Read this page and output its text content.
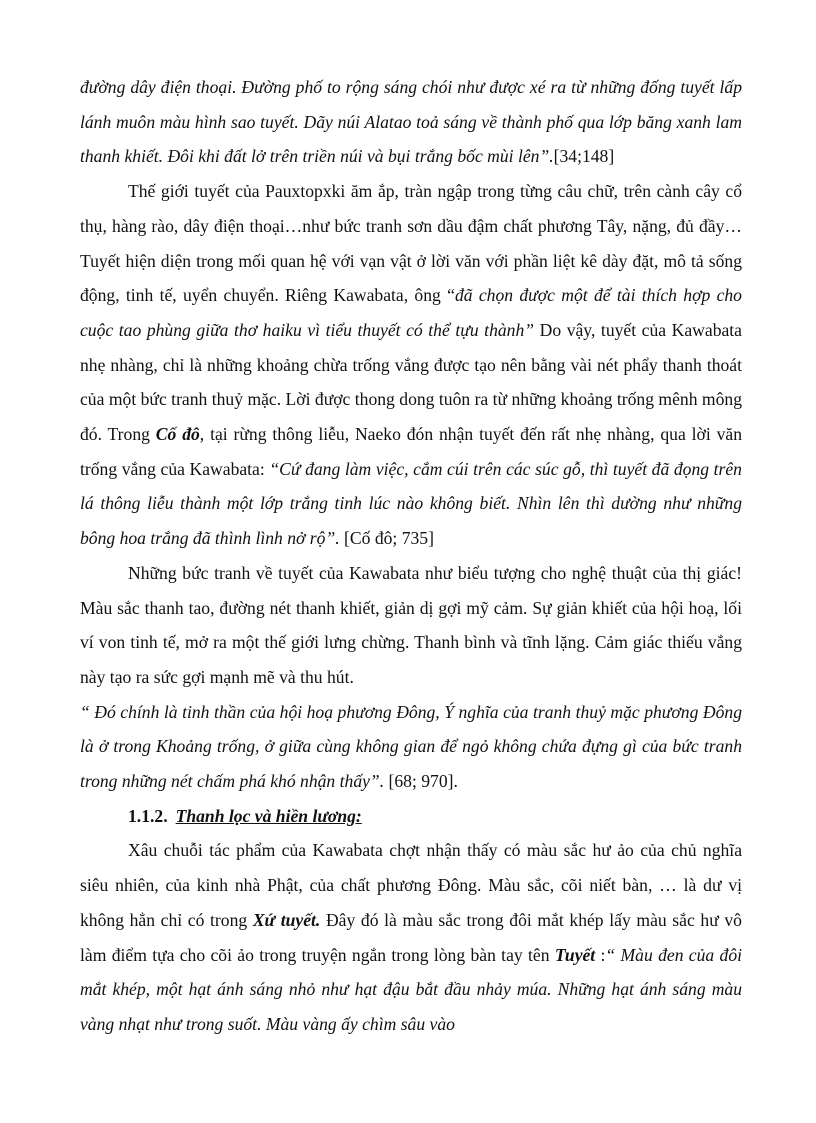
đường dây điện thoại. Đường phố to rộng sáng chói như được xé ra từ những đống tuyết lấp lánh muôn màu hình sao tuyết. Dãy núi Alatao toả sáng về thành phố qua lớp băng xanh lam thanh khiết. Đôi khi đất lở trên triền núi và bụi trắng bốc mùi lên”.[34;148]

Thế giới tuyết của Pauxtopxki ăm ắp, tràn ngập trong từng câu chữ, trên cành cây cổ thụ, hàng rào, dây điện thoại…như bức tranh sơn dầu đậm chất phương Tây, nặng, đủ đầy…Tuyết hiện diện trong mối quan hệ với vạn vật ở lời văn với phần liệt kê dày đặt, mô tả sống động, tinh tế, uyển chuyển. Riêng Kawabata, ông “đã chọn được một để tài thích hợp cho cuộc tao phùng giữa thơ haiku vì tiểu thuyết có thể tựu thành” Do vậy, tuyết của Kawabata nhẹ nhàng, chỉ là những khoảng chừa trống vắng được tạo nên bằng vài nét phẩy thanh thoát của một bức tranh thuỷ mặc. Lời được thong dong tuôn ra từ những khoảng trống mênh mông đó. Trong Cố đô, tại rừng thông liễu, Naeko đón nhận tuyết đến rất nhẹ nhàng, qua lời văn trống vắng của Kawabata: “Cứ đang làm việc, cắm cúi trên các súc gỗ, thì tuyết đã đọng trên lá thông liễu thành một lớp trắng tinh lúc nào không biết. Nhìn lên thì dường như những bông hoa trắng đã thình lình nở rộ”. [Cố đô; 735]

Những bức tranh về tuyết của Kawabata như biểu tượng cho nghệ thuật của thị giác! Màu sắc thanh tao, đường nét thanh khiết, giản dị gợi mỹ cảm. Sự giản khiết của hội hoạ, lối ví von tinh tế, mở ra một thế giới lưng chừng. Thanh bình và tĩnh lặng. Cảm giác thiếu vắng này tạo ra sức gợi mạnh mẽ và thu hút.

“ Đó chính là tinh thần của hội hoạ phương Đông, Ý nghĩa của tranh thuỷ mặc phương Đông là ở trong Khoảng trống, ở giữa cùng không gian để ngỏ không chứa đựng gì của bức tranh trong những nét chấm phá khó nhận thấy”. [68; 970].

1.1.2. Thanh lọc và hiền lương:

Xâu chuỗi tác phẩm của Kawabata chợt nhận thấy có màu sắc hư ảo của chủ nghĩa siêu nhiên, của kinh nhà Phật, của chất phương Đông. Màu sắc, cõi niết bàn, … là dư vị không hẳn chỉ có trong Xứ tuyết. Đây đó là màu sắc trong đôi mắt khép lấy màu sắc hư vô làm điểm tựa cho cõi ảo trong truyện ngắn trong lòng bàn tay tên Tuyết :“ Màu đen của đôi mắt khép, một hạt ánh sáng nhỏ như hạt đậu bắt đầu nhảy múa. Những hạt ánh sáng màu vàng nhạt như trong suốt. Màu vàng ấy chìm sâu vào
